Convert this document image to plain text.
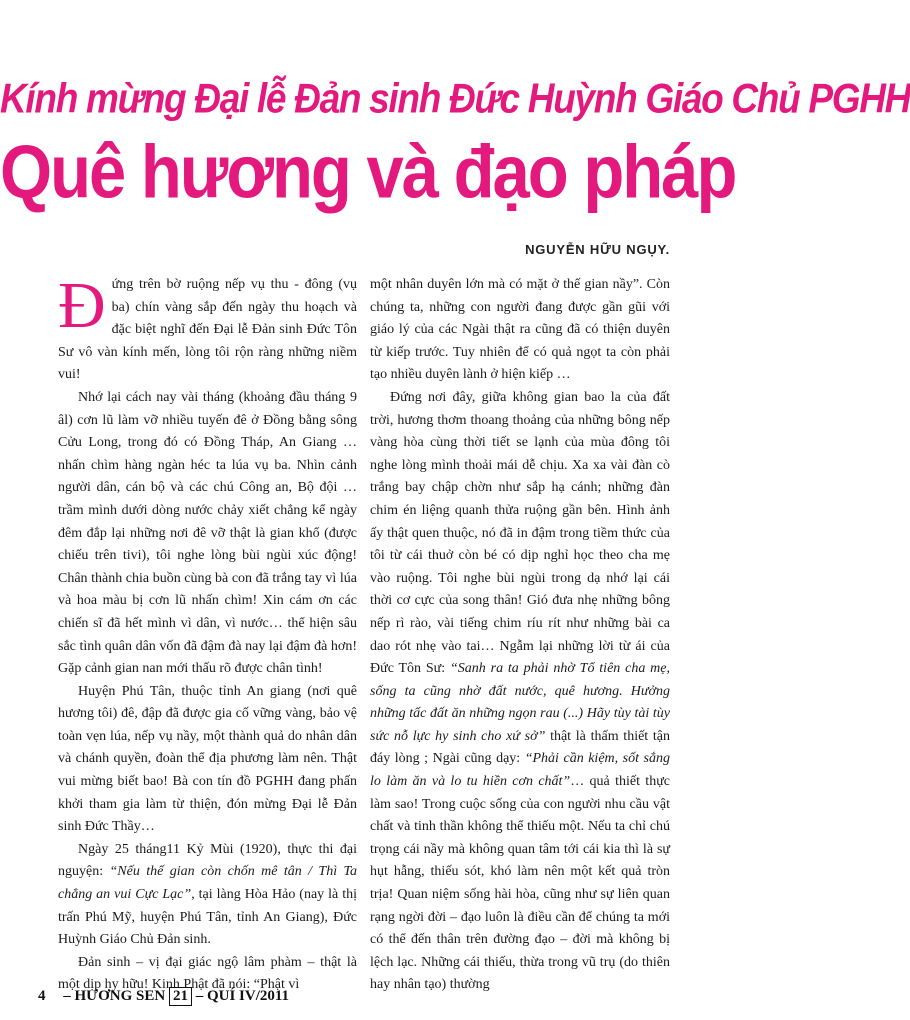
Kính mừng Đại lễ Đản sinh Đức Huỳnh Giáo Chủ PGHH
Quê hương và đạo pháp
NGUYỄN HỮU NGỤY.

Đứng trên bờ ruộng nếp vụ thu - đông (vụ ba) chín vàng sắp đến ngày thu hoạch và đặc biệt nghĩ đến Đại lễ Đản sinh Đức Tôn Sư vô vàn kính mến, lòng tôi rộn ràng những niềm vui!

Nhớ lại cách nay vài tháng (khoảng đầu tháng 9 âl) cơn lũ làm vỡ nhiều tuyến đê ở Đồng bằng sông Cửu Long, trong đó có Đồng Tháp, An Giang … nhấn chìm hàng ngàn héc ta lúa vụ ba. Nhìn cảnh người dân, cán bộ và các chú Công an, Bộ đội … trầm mình dưới dòng nước chảy xiết chẳng kể ngày đêm đắp lại những nơi đê vỡ thật là gian khổ (được chiếu trên tivi), tôi nghe lòng bùi ngùi xúc động! Chân thành chia buồn cùng bà con đã trắng tay vì lúa và hoa màu bị cơn lũ nhấn chìm! Xin cám ơn các chiến sĩ đã hết mình vì dân, vì nước… thể hiện sâu sắc tình quân dân vốn đã đậm đà nay lại đậm đà hơn! Gặp cảnh gian nan mới thấu rõ được chân tình!

Huyện Phú Tân, thuộc tỉnh An giang (nơi quê hương tôi) đê, đập đã được gia cố vững vàng, bảo vệ toàn vẹn lúa, nếp vụ nầy, một thành quả do nhân dân và chánh quyền, đoàn thể địa phương làm nên. Thật vui mừng biết bao! Bà con tín đồ PGHH đang phấn khởi tham gia làm từ thiện, đón mừng Đại lễ Đản sinh Đức Thầy…

Ngày 25 tháng11 Kỷ Mùi (1920), thực thi đại nguyện: “Nếu thế gian còn chốn mê tân / Thì Ta chẳng an vui Cực Lạc”, tại làng Hòa Hảo (nay là thị trấn Phú Mỹ, huyện Phú Tân, tỉnh An Giang), Đức Huỳnh Giáo Chủ Đản sinh.

Đản sinh – vị đại giác ngộ lâm phàm – thật là một dịp hy hữu! Kinh Phật đã nói: “Phật vì

một nhân duyên lớn mà có mặt ở thế gian nầy”. Còn chúng ta, những con người đang được gần gũi với giáo lý của các Ngài thật ra cũng đã có thiện duyên từ kiếp trước. Tuy nhiên để có quả ngọt ta còn phải tạo nhiều duyên lành ở hiện kiếp …

Đứng nơi đây, giữa không gian bao la của đất trời, hương thơm thoang thoảng của những bông nếp vàng hòa cùng thời tiết se lạnh của mùa đông tôi nghe lòng mình thoải mái dễ chịu. Xa xa vài đàn cò trắng bay chập chờn như sắp hạ cánh; những đàn chim én liệng quanh thửa ruộng gần bên. Hình ảnh ấy thật quen thuộc, nó đã in đậm trong tiềm thức của tôi từ cái thuở còn bé có dịp nghỉ học theo cha mẹ vào ruộng. Tôi nghe bùi ngùi trong dạ nhớ lại cái thời cơ cực của song thân! Gió đưa nhẹ những bông nếp rì rào, vài tiếng chim ríu rít như những bài ca dao rót nhẹ vào tai… Ngẫm lại những lời từ ái của Đức Tôn Sư: “Sanh ra ta phải nhờ Tổ tiên cha mẹ, sống ta cũng nhờ đất nước, quê hương. Hưởng những tấc đất ăn những ngọn rau (...) Hãy tùy tài tùy sức nỗ lực hy sinh cho xứ sở” thật là thấm thiết tận đáy lòng ; Ngài cũng dạy: “Phải cần kiệm, sốt sắng lo làm ăn và lo tu hiền cơn chất”… quả thiết thực làm sao! Trong cuộc sống của con người nhu cầu vật chất và tinh thần không thể thiếu một. Nếu ta chỉ chú trọng cái nầy mà không quan tâm tới cái kia thì là sự hụt hẫng, thiếu sót, khó làm nên một kết quả tròn trịa! Quan niệm sống hài hòa, cũng như sự liên quan rạng ngời đời – đạo luôn là điều cần để chúng ta mới có thể đến thân trên đường đạo – đời mà không bị lệch lạc. Những cái thiếu, thừa trong vũ trụ (do thiên hay nhân tạo) thường

4 – HƯƠNG SEN 21 – QUÍ IV/2011
